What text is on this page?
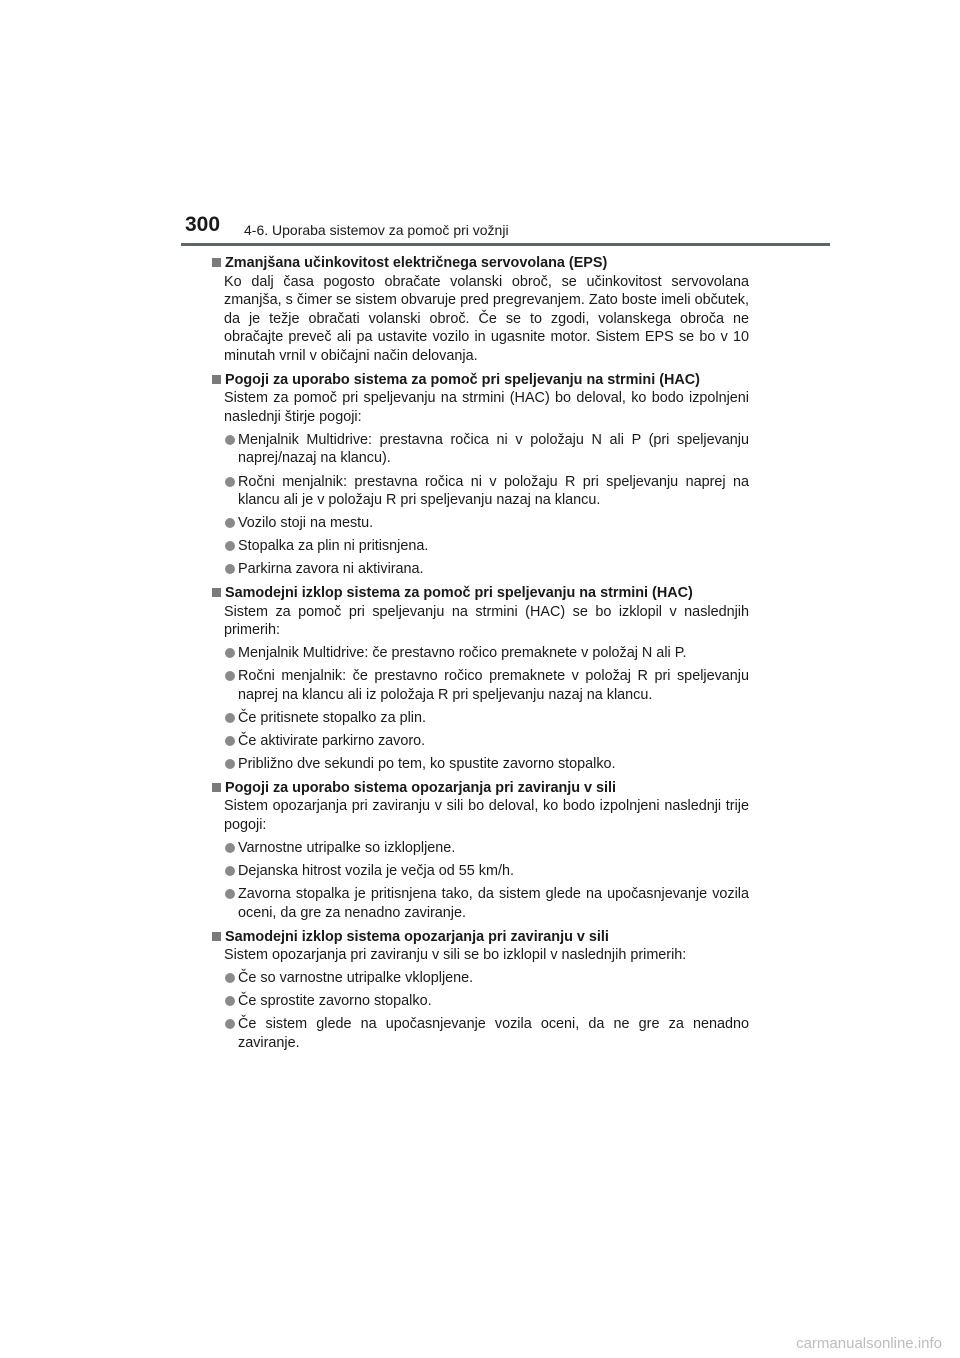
300 4-6. Uporaba sistemov za pomoč pri vožnji
Zmanjšana učinkovitost električnega servovolana (EPS)
Ko dalj časa pogosto obračate volanski obroč, se učinkovitost servovolana zmanjša, s čimer se sistem obvaruje pred pregrevanjem. Zato boste imeli občutek, da je težje obračati volanski obroč. Če se to zgodi, volanskega obroča ne obračajte preveč ali pa ustavite vozilo in ugasnite motor. Sistem EPS se bo v 10 minutah vrnil v običajni način delovanja.
Pogoji za uporabo sistema za pomoč pri speljevanju na strmini (HAC)
Sistem za pomoč pri speljevanju na strmini (HAC) bo deloval, ko bodo izpolnjeni naslednji štirje pogoji:
Menjalnik Multidrive: prestavna ročica ni v položaju N ali P (pri speljevanju naprej/nazaj na klancu).
Ročni menjalnik: prestavna ročica ni v položaju R pri speljevanju naprej na klancu ali je v položaju R pri speljevanju nazaj na klancu.
Vozilo stoji na mestu.
Stopalka za plin ni pritisnjena.
Parkirna zavora ni aktivirana.
Samodejni izklop sistema za pomoč pri speljevanju na strmini (HAC)
Sistem za pomoč pri speljevanju na strmini (HAC) se bo izklopil v naslednjih primerih:
Menjalnik Multidrive: če prestavno ročico premaknete v položaj N ali P.
Ročni menjalnik: če prestavno ročico premaknete v položaj R pri speljevanju naprej na klancu ali iz položaja R pri speljevanju nazaj na klancu.
Če pritisnete stopalko za plin.
Če aktivirate parkirno zavoro.
Približno dve sekundi po tem, ko spustite zavorno stopalko.
Pogoji za uporabo sistema opozarjanja pri zaviranju v sili
Sistem opozarjanja pri zaviranju v sili bo deloval, ko bodo izpolnjeni naslednji trije pogoji:
Varnostne utripalke so izklopljene.
Dejanska hitrost vozila je večja od 55 km/h.
Zavorna stopalka je pritisnjena tako, da sistem glede na upočasnjevanje vozila oceni, da gre za nenadno zaviranje.
Samodejni izklop sistema opozarjanja pri zaviranju v sili
Sistem opozarjanja pri zaviranju v sili se bo izklopil v naslednjih primerih:
Če so varnostne utripalke vklopljene.
Če sprostite zavorno stopalko.
Če sistem glede na upočasnjevanje vozila oceni, da ne gre za nenadno zaviranje.
carmanualsonline.info
